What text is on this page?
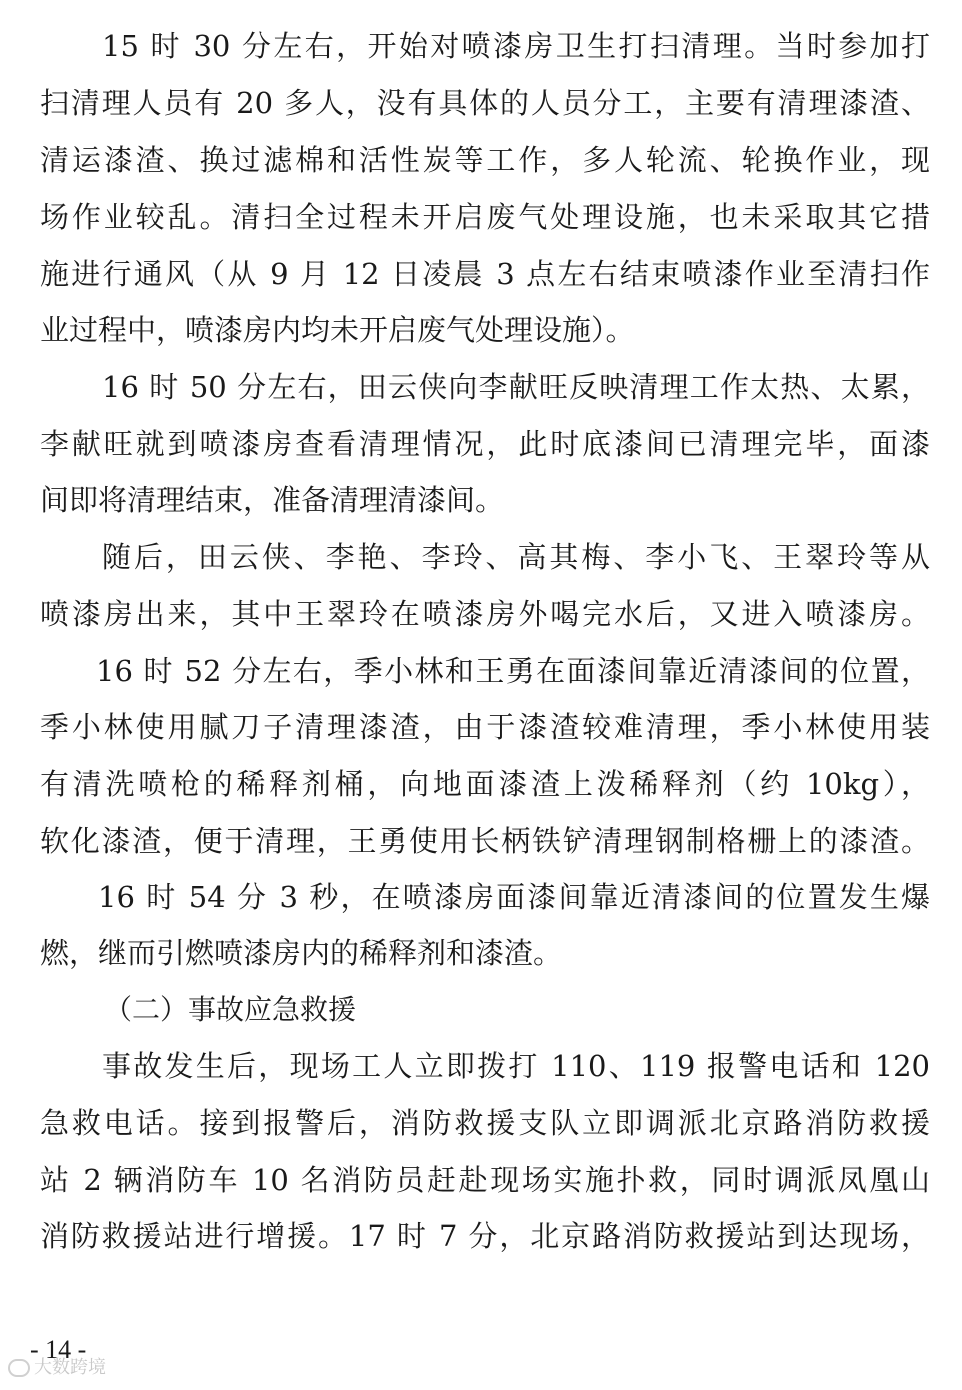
15 时 30 分左右，开始对喷漆房卫生打扫清理。当时参加打
扫清理人员有 20 多人，没有具体的人员分工，主要有清理漆渣、
清运漆渣、换过滤棉和活性炭等工作，多人轮流、轮换作业，现
场作业较乱。清扫全过程未开启废气处理设施，也未采取其它措
施进行通风（从 9 月 12 日凌晨 3 点左右结束喷漆作业至清扫作
业过程中，喷漆房内均未开启废气处理设施）。
16 时 50 分左右，田云侠向李献旺反映清理工作太热、太累，
李献旺就到喷漆房查看清理情况，此时底漆间已清理完毕，面漆
间即将清理结束，准备清理清漆间。
随后，田云侠、李艳、李玲、高其梅、李小飞、王翠玲等从
喷漆房出来，其中王翠玲在喷漆房外喝完水后，又进入喷漆房。
16 时 52 分左右，季小林和王勇在面漆间靠近清漆间的位置，
季小林使用腻刀子清理漆渣，由于漆渣较难清理，季小林使用装
有清洗喷枪的稀释剂桶，向地面漆渣上泼稀释剂（约 10kg），
软化漆渣，便于清理，王勇使用长柄铁铲清理钢制格栅上的漆渣。
16 时 54 分 3 秒，在喷漆房面漆间靠近清漆间的位置发生爆
燃，继而引燃喷漆房内的稀释剂和漆渣。
（二）事故应急救援
事故发生后，现场工人立即拨打 110、119 报警电话和 120
急救电话。接到报警后，消防救援支队立即调派北京路消防救援
站 2 辆消防车 10 名消防员赶赴现场实施扑救，同时调派凤凰山
消防救援站进行增援。17 时 7 分，北京路消防救援站到达现场，
- 14 -
大数跨境
